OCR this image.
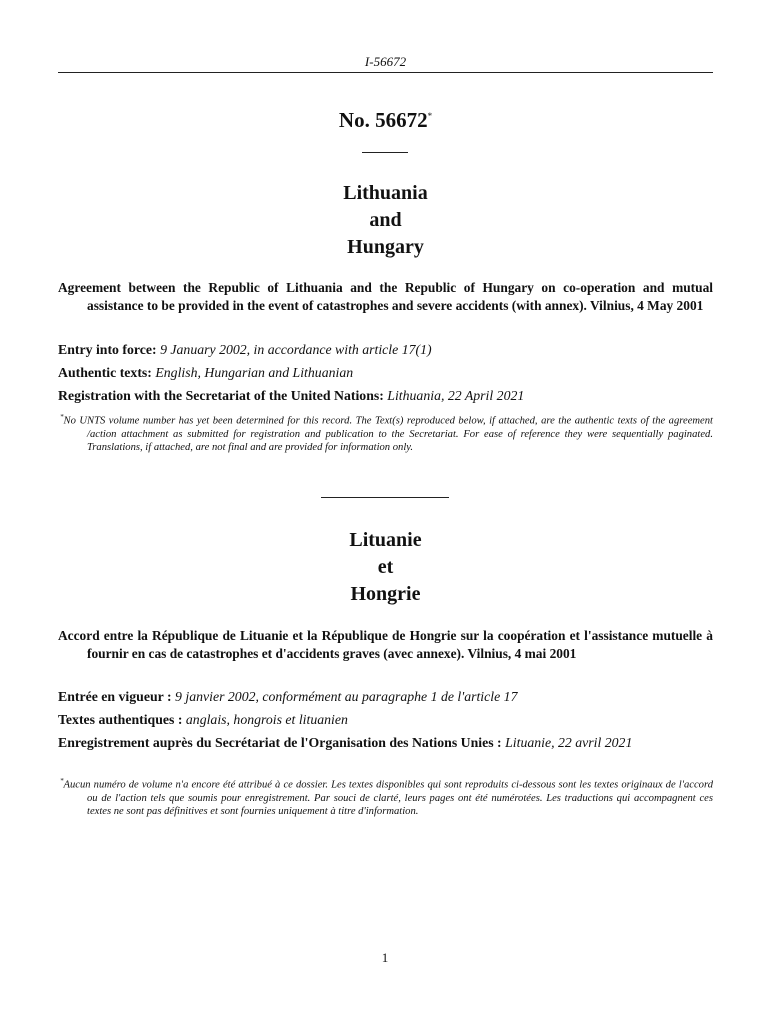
I-56672
No. 56672*
Lithuania
and
Hungary
Agreement between the Republic of Lithuania and the Republic of Hungary on co-operation and mutual assistance to be provided in the event of catastrophes and severe accidents (with annex). Vilnius, 4 May 2001
Entry into force: 9 January 2002, in accordance with article 17(1)
Authentic texts: English, Hungarian and Lithuanian
Registration with the Secretariat of the United Nations: Lithuania, 22 April 2021
*No UNTS volume number has yet been determined for this record. The Text(s) reproduced below, if attached, are the authentic texts of the agreement /action attachment as submitted for registration and publication to the Secretariat. For ease of reference they were sequentially paginated. Translations, if attached, are not final and are provided for information only.
Lituanie
et
Hongrie
Accord entre la République de Lituanie et la République de Hongrie sur la coopération et l'assistance mutuelle à fournir en cas de catastrophes et d'accidents graves (avec annexe). Vilnius, 4 mai 2001
Entrée en vigueur : 9 janvier 2002, conformément au paragraphe 1 de l'article 17
Textes authentiques : anglais, hongrois et lituanien
Enregistrement auprès du Secrétariat de l'Organisation des Nations Unies : Lituanie, 22 avril 2021
*Aucun numéro de volume n'a encore été attribué à ce dossier. Les textes disponibles qui sont reproduits ci-dessous sont les textes originaux de l'accord ou de l'action tels que soumis pour enregistrement. Par souci de clarté, leurs pages ont été numérotées. Les traductions qui accompagnent ces textes ne sont pas définitives et sont fournies uniquement à titre d'information.
1
